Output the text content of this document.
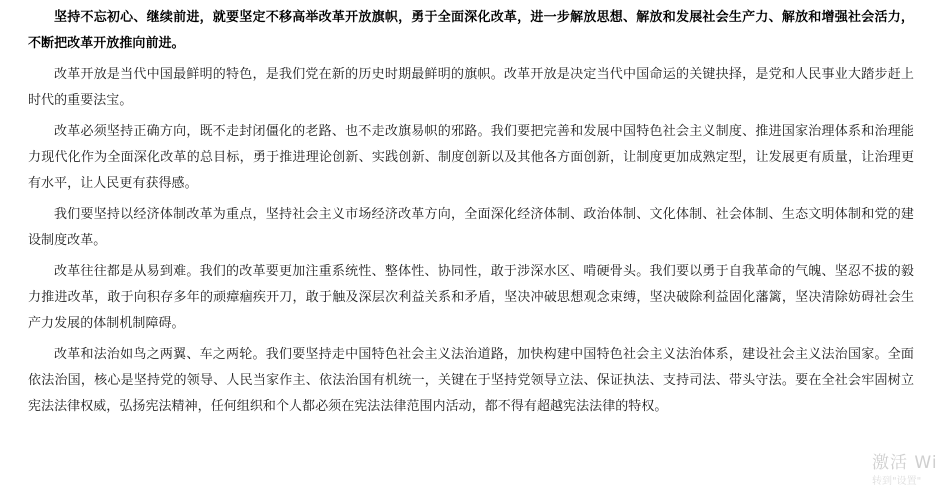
坚持不忘初心、继续前进，就要坚定不移高举改革开放旗帜，勇于全面深化改革，进一步解放思想、解放和发展社会生产力、解放和增强社会活力，不断把改革开放推向前进。

改革开放是当代中国最鲜明的特色，是我们党在新的历史时期最鲜明的旗帜。改革开放是决定当代中国命运的关键抉择，是党和人民事业大踏步赶上时代的重要法宝。

改革必须坚持正确方向，既不走封闭僵化的老路、也不走改旗易帜的邪路。我们要把完善和发展中国特色社会主义制度、推进国家治理体系和治理能力现代化作为全面深化改革的总目标，勇于推进理论创新、实践创新、制度创新以及其他各方面创新，让制度更加成熟定型，让发展更有质量，让治理更有水平，让人民更有获得感。

我们要坚持以经济体制改革为重点，坚持社会主义市场经济改革方向，全面深化经济体制、政治体制、文化体制、社会体制、生态文明体制和党的建设制度改革。

改革往往都是从易到难。我们的改革要更加注重系统性、整体性、协同性，敢于涉深水区、啃硬骨头。我们要以勇于自我革命的气魄、坚忍不拔的毅力推进改革，敢于向积存多年的顽瘴痼疾开刀，敢于触及深层次利益关系和矛盾，坚决冲破思想观念束缚，坚决破除利益固化藩篱，坚决清除妨碍社会生产力发展的体制机制障碍。

改革和法治如鸟之两翼、车之两轮。我们要坚持走中国特色社会主义法治道路，加快构建中国特色社会主义法治体系，建设社会主义法治国家。全面依法治国，核心是坚持党的领导、人民当家作主、依法治国有机统一，关键在于坚持党领导立法、保证执法、支持司法、带头守法。要在全社会牢固树立宪法法律权威，弘扬宪法精神，任何组织和个人都必须在宪法法律范围内活动，都不得有超越宪法法律的特权。

激活 Wi
转到"设置"
